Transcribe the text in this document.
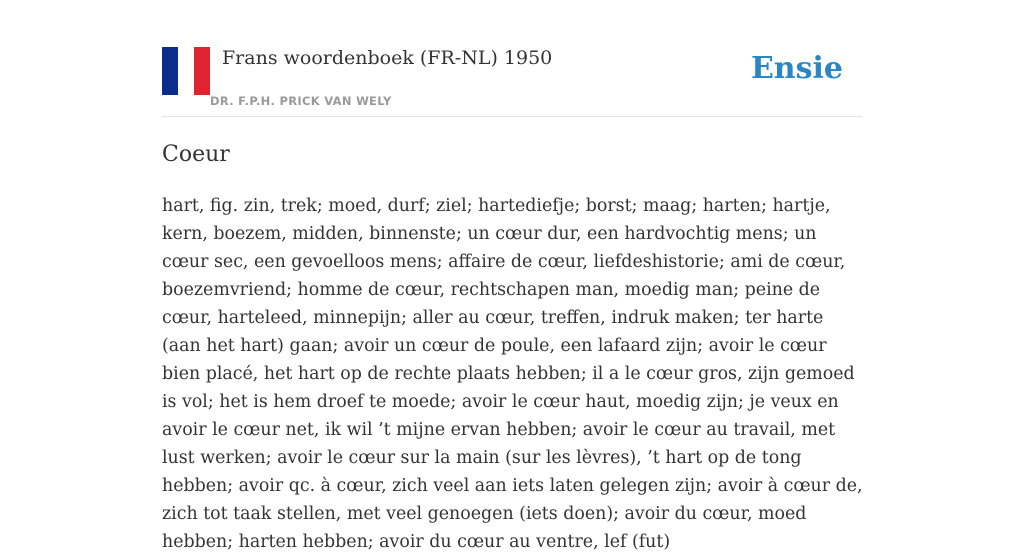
Frans woordenboek (FR-NL) 1950
DR. F.P.H. PRICK VAN WELY
Ensie
Coeur

hart, fig. zin, trek; moed, durf; ziel; hartediefje; borst; maag; harten; hartje, kern, boezem, midden, binnenste; un cœur dur, een hardvochtig mens; un cœur sec, een gevoelloos mens; affaire de cœur, liefdeshistorie; ami de cœur, boezemvriend; homme de cœur, rechtschapen man, moedig man; peine de cœur, harteleed, minnepijn; aller au cœur, treffen, indruk maken; ter harte (aan het hart) gaan; avoir un cœur de poule, een lafaard zijn; avoir le cœur bien placé, het hart op de rechte plaats hebben; il a le cœur gros, zijn gemoed is vol; het is hem droef te moede; avoir le cœur haut, moedig zijn; je veux en avoir le cœur net, ik wil ’t mijne ervan hebben; avoir le cœur au travail, met lust werken; avoir le cœur sur la main (sur les lèvres), ’t hart op de tong hebben; avoir qc. à cœur, zich veel aan iets laten gelegen zijn; avoir à cœur de, zich tot taak stellen, met veel genoegen (iets doen); avoir du cœur, moed hebben; harten hebben; avoir du cœur au ventre, lef (fut)
